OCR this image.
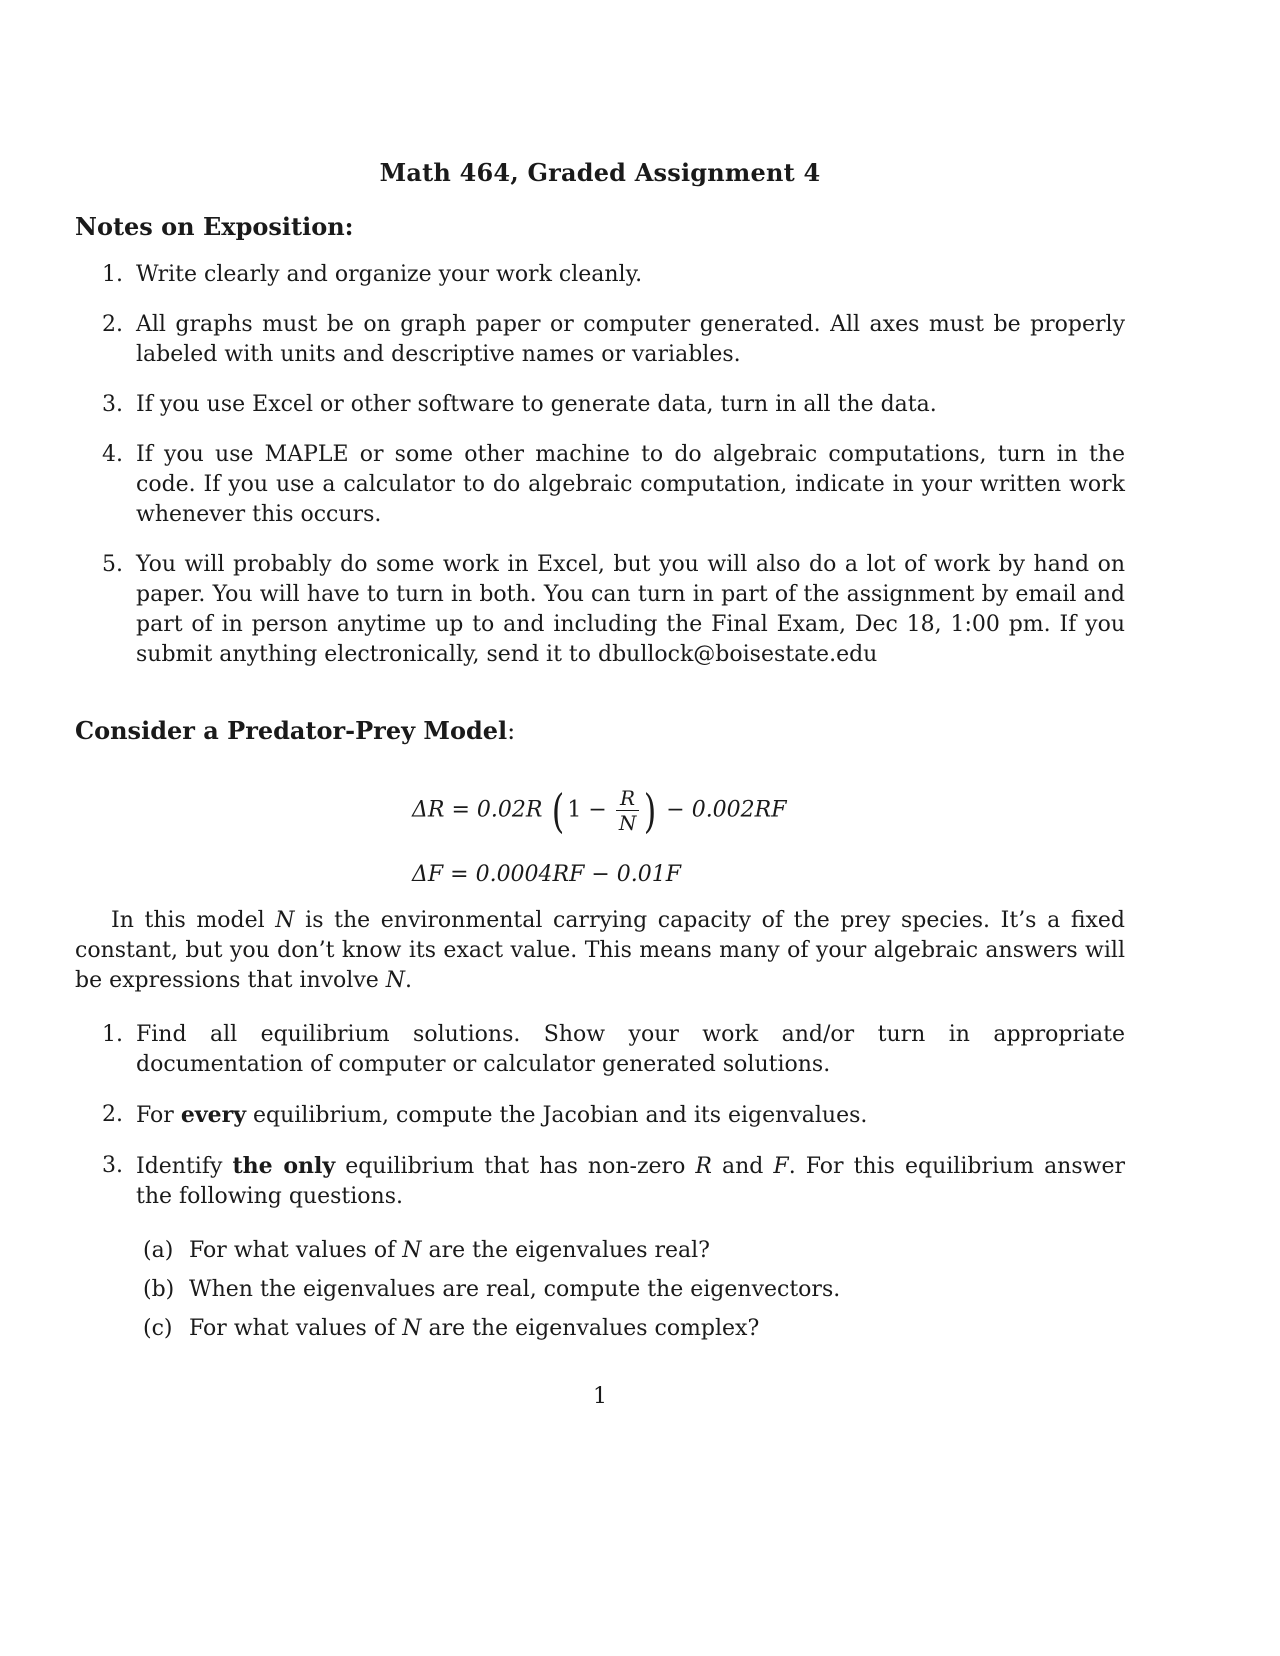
Math 464, Graded Assignment 4
Notes on Exposition:
1. Write clearly and organize your work cleanly.
2. All graphs must be on graph paper or computer generated. All axes must be properly labeled with units and descriptive names or variables.
3. If you use Excel or other software to generate data, turn in all the data.
4. If you use MAPLE or some other machine to do algebraic computations, turn in the code. If you use a calculator to do algebraic computation, indicate in your written work whenever this occurs.
5. You will probably do some work in Excel, but you will also do a lot of work by hand on paper. You will have to turn in both. You can turn in part of the assignment by email and part of in person anytime up to and including the Final Exam, Dec 18, 1:00 pm. If you submit anything electronically, send it to dbullock@boisestate.edu
Consider a Predator-Prey Model:
ΔR = 0.02R ( $1 - \frac{R}{N}$ ) − 0.002RF
ΔF = 0.0004RF − 0.01F
In this model N is the environmental carrying capacity of the prey species. It’s a fixed constant, but you don’t know its exact value. This means many of your algebraic answers will be expressions that involve N.
1. Find all equilibrium solutions. Show your work and/or turn in appropriate documentation of computer or calculator generated solutions.
2. For every equilibrium, compute the Jacobian and its eigenvalues.
3. Identify the only equilibrium that has non-zero R and F. For this equilibrium answer the following questions.
(a) For what values of N are the eigenvalues real?
(b) When the eigenvalues are real, compute the eigenvectors.
(c) For what values of N are the eigenvalues complex?
1
